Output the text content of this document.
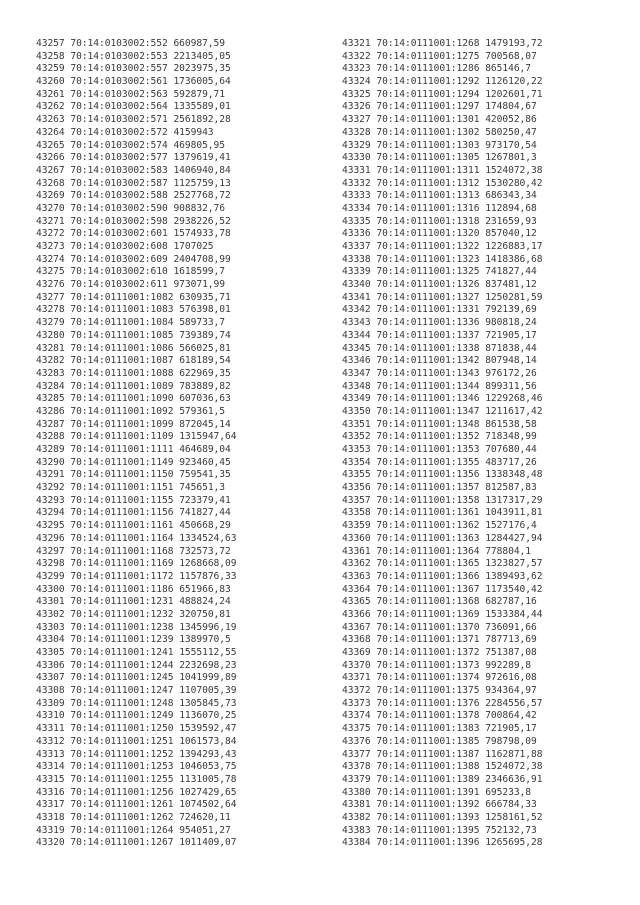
43257 70:14:0103002:552 660987,59
43258 70:14:0103002:553 2213405,05
43259 70:14:0103002:557 2023975,35
43260 70:14:0103002:561 1736005,64
43261 70:14:0103002:563 592879,71
43262 70:14:0103002:564 1335589,01
43263 70:14:0103002:571 2561892,28
43264 70:14:0103002:572 4159943
43265 70:14:0103002:574 469805,95
43266 70:14:0103002:577 1379619,41
43267 70:14:0103002:583 1406940,84
43268 70:14:0103002:587 1125759,13
43269 70:14:0103002:588 2527768,72
43270 70:14:0103002:590 908832,76
43271 70:14:0103002:598 2938226,52
43272 70:14:0103002:601 1574933,78
43273 70:14:0103002:608 1707025
43274 70:14:0103002:609 2404708,99
43275 70:14:0103002:610 1618599,7
43276 70:14:0103002:611 973071,99
43277 70:14:0111001:1082 630935,71
43278 70:14:0111001:1083 576398,01
43279 70:14:0111001:1084 589733,7
43280 70:14:0111001:1085 739389,74
43281 70:14:0111001:1086 566025,81
43282 70:14:0111001:1087 618189,54
43283 70:14:0111001:1088 622969,35
43284 70:14:0111001:1089 783889,82
43285 70:14:0111001:1090 607036,63
43286 70:14:0111001:1092 579361,5
43287 70:14:0111001:1099 872045,14
43288 70:14:0111001:1109 1315947,64
43289 70:14:0111001:1111 464689,04
43290 70:14:0111001:1149 923460,45
43291 70:14:0111001:1150 759541,35
43292 70:14:0111001:1151 745651,3
43293 70:14:0111001:1155 723379,41
43294 70:14:0111001:1156 741827,44
43295 70:14:0111001:1161 450668,29
43296 70:14:0111001:1164 1334524,63
43297 70:14:0111001:1168 732573,72
43298 70:14:0111001:1169 1268668,09
43299 70:14:0111001:1172 1157876,33
43300 70:14:0111001:1186 651966,83
43301 70:14:0111001:1231 488824,24
43302 70:14:0111001:1232 320750,81
43303 70:14:0111001:1238 1345996,19
43304 70:14:0111001:1239 1389970,5
43305 70:14:0111001:1241 1555112,55
43306 70:14:0111001:1244 2232698,23
43307 70:14:0111001:1245 1041999,89
43308 70:14:0111001:1247 1107005,39
43309 70:14:0111001:1248 1305845,73
43310 70:14:0111001:1249 1136070,25
43311 70:14:0111001:1250 1539592,47
43312 70:14:0111001:1251 1061573,84
43313 70:14:0111001:1252 1394293,43
43314 70:14:0111001:1253 1046053,75
43315 70:14:0111001:1255 1131005,78
43316 70:14:0111001:1256 1027429,65
43317 70:14:0111001:1261 1074502,64
43318 70:14:0111001:1262 724620,11
43319 70:14:0111001:1264 954051,27
43320 70:14:0111001:1267 1011409,07
43321 70:14:0111001:1268 1479193,72
43322 70:14:0111001:1275 700568,07
43323 70:14:0111001:1286 865146,7
43324 70:14:0111001:1292 1126120,22
43325 70:14:0111001:1294 1202601,71
43326 70:14:0111001:1297 174804,67
43327 70:14:0111001:1301 420052,86
43328 70:14:0111001:1302 580250,47
43329 70:14:0111001:1303 973170,54
43330 70:14:0111001:1305 1267801,3
43331 70:14:0111001:1311 1524072,38
43332 70:14:0111001:1312 1530280,42
43333 70:14:0111001:1313 686343,34
43334 70:14:0111001:1316 112894,68
43335 70:14:0111001:1318 231659,93
43336 70:14:0111001:1320 857040,12
43337 70:14:0111001:1322 1226883,17
43338 70:14:0111001:1323 1418386,68
43339 70:14:0111001:1325 741827,44
43340 70:14:0111001:1326 837481,12
43341 70:14:0111001:1327 1250281,59
43342 70:14:0111001:1331 792139,69
43343 70:14:0111001:1336 980818,24
43344 70:14:0111001:1337 721905,17
43345 70:14:0111001:1338 871838,44
43346 70:14:0111001:1342 807948,14
43347 70:14:0111001:1343 976172,26
43348 70:14:0111001:1344 899311,56
43349 70:14:0111001:1346 1229268,46
43350 70:14:0111001:1347 1211617,42
43351 70:14:0111001:1348 861538,58
43352 70:14:0111001:1352 718348,99
43353 70:14:0111001:1353 707680,44
43354 70:14:0111001:1355 483717,26
43355 70:14:0111001:1356 1338348,48
43356 70:14:0111001:1357 812587,83
43357 70:14:0111001:1358 1317317,29
43358 70:14:0111001:1361 1043911,81
43359 70:14:0111001:1362 1527176,4
43360 70:14:0111001:1363 1284427,94
43361 70:14:0111001:1364 778804,1
43362 70:14:0111001:1365 1323827,57
43363 70:14:0111001:1366 1389493,62
43364 70:14:0111001:1367 1173540,42
43365 70:14:0111001:1368 682787,16
43366 70:14:0111001:1369 1533384,44
43367 70:14:0111001:1370 736091,66
43368 70:14:0111001:1371 787713,69
43369 70:14:0111001:1372 751387,08
43370 70:14:0111001:1373 992289,8
43371 70:14:0111001:1374 972616,08
43372 70:14:0111001:1375 934364,97
43373 70:14:0111001:1376 2284556,57
43374 70:14:0111001:1378 700864,42
43375 70:14:0111001:1383 721905,17
43376 70:14:0111001:1385 798798,09
43377 70:14:0111001:1387 1162871,88
43378 70:14:0111001:1388 1524072,38
43379 70:14:0111001:1389 2346636,91
43380 70:14:0111001:1391 695233,8
43381 70:14:0111001:1392 666784,33
43382 70:14:0111001:1393 1258161,52
43383 70:14:0111001:1395 752132,73
43384 70:14:0111001:1396 1265695,28
